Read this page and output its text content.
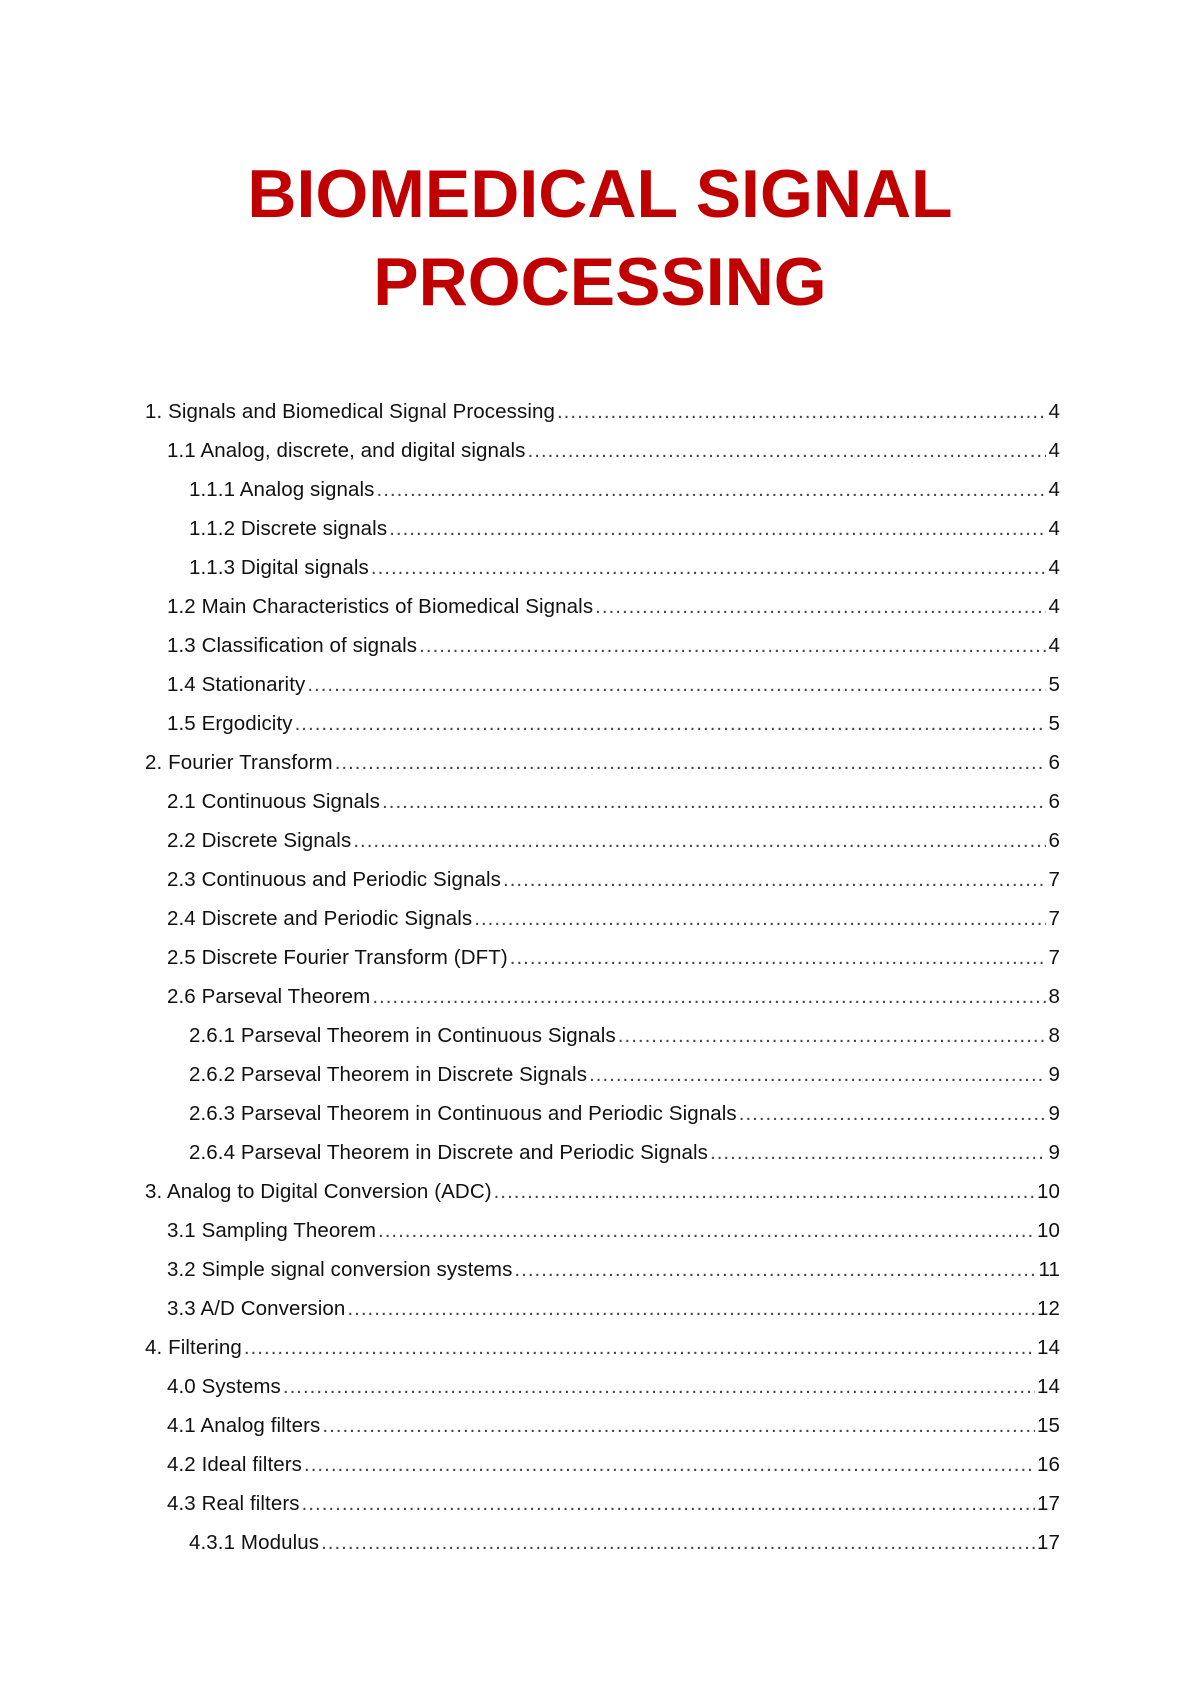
BIOMEDICAL SIGNAL
PROCESSING
1. Signals and Biomedical Signal Processing .....	4
1.1 Analog, discrete, and digital signals .....	4
1.1.1 Analog signals .....	4
1.1.2 Discrete signals .....	4
1.1.3 Digital signals .....	4
1.2 Main Characteristics of Biomedical Signals .....	4
1.3 Classification of signals .....	4
1.4 Stationarity .....	5
1.5 Ergodicity .....	5
2. Fourier Transform .....	6
2.1 Continuous Signals .....	6
2.2 Discrete Signals .....	6
2.3 Continuous and Periodic Signals .....	7
2.4 Discrete and Periodic Signals .....	7
2.5 Discrete Fourier Transform (DFT) .....	7
2.6 Parseval Theorem .....	8
2.6.1 Parseval Theorem in Continuous Signals .....	8
2.6.2 Parseval Theorem in Discrete Signals .....	9
2.6.3 Parseval Theorem in Continuous and Periodic Signals .....	9
2.6.4 Parseval Theorem in Discrete and Periodic Signals .....	9
3. Analog to Digital Conversion (ADC) .....	10
3.1 Sampling Theorem .....	10
3.2 Simple signal conversion systems .....	11
3.3 A/D Conversion .....	12
4. Filtering .....	14
4.0 Systems .....	14
4.1 Analog filters .....	15
4.2 Ideal filters .....	16
4.3 Real filters .....	17
4.3.1 Modulus .....	17
